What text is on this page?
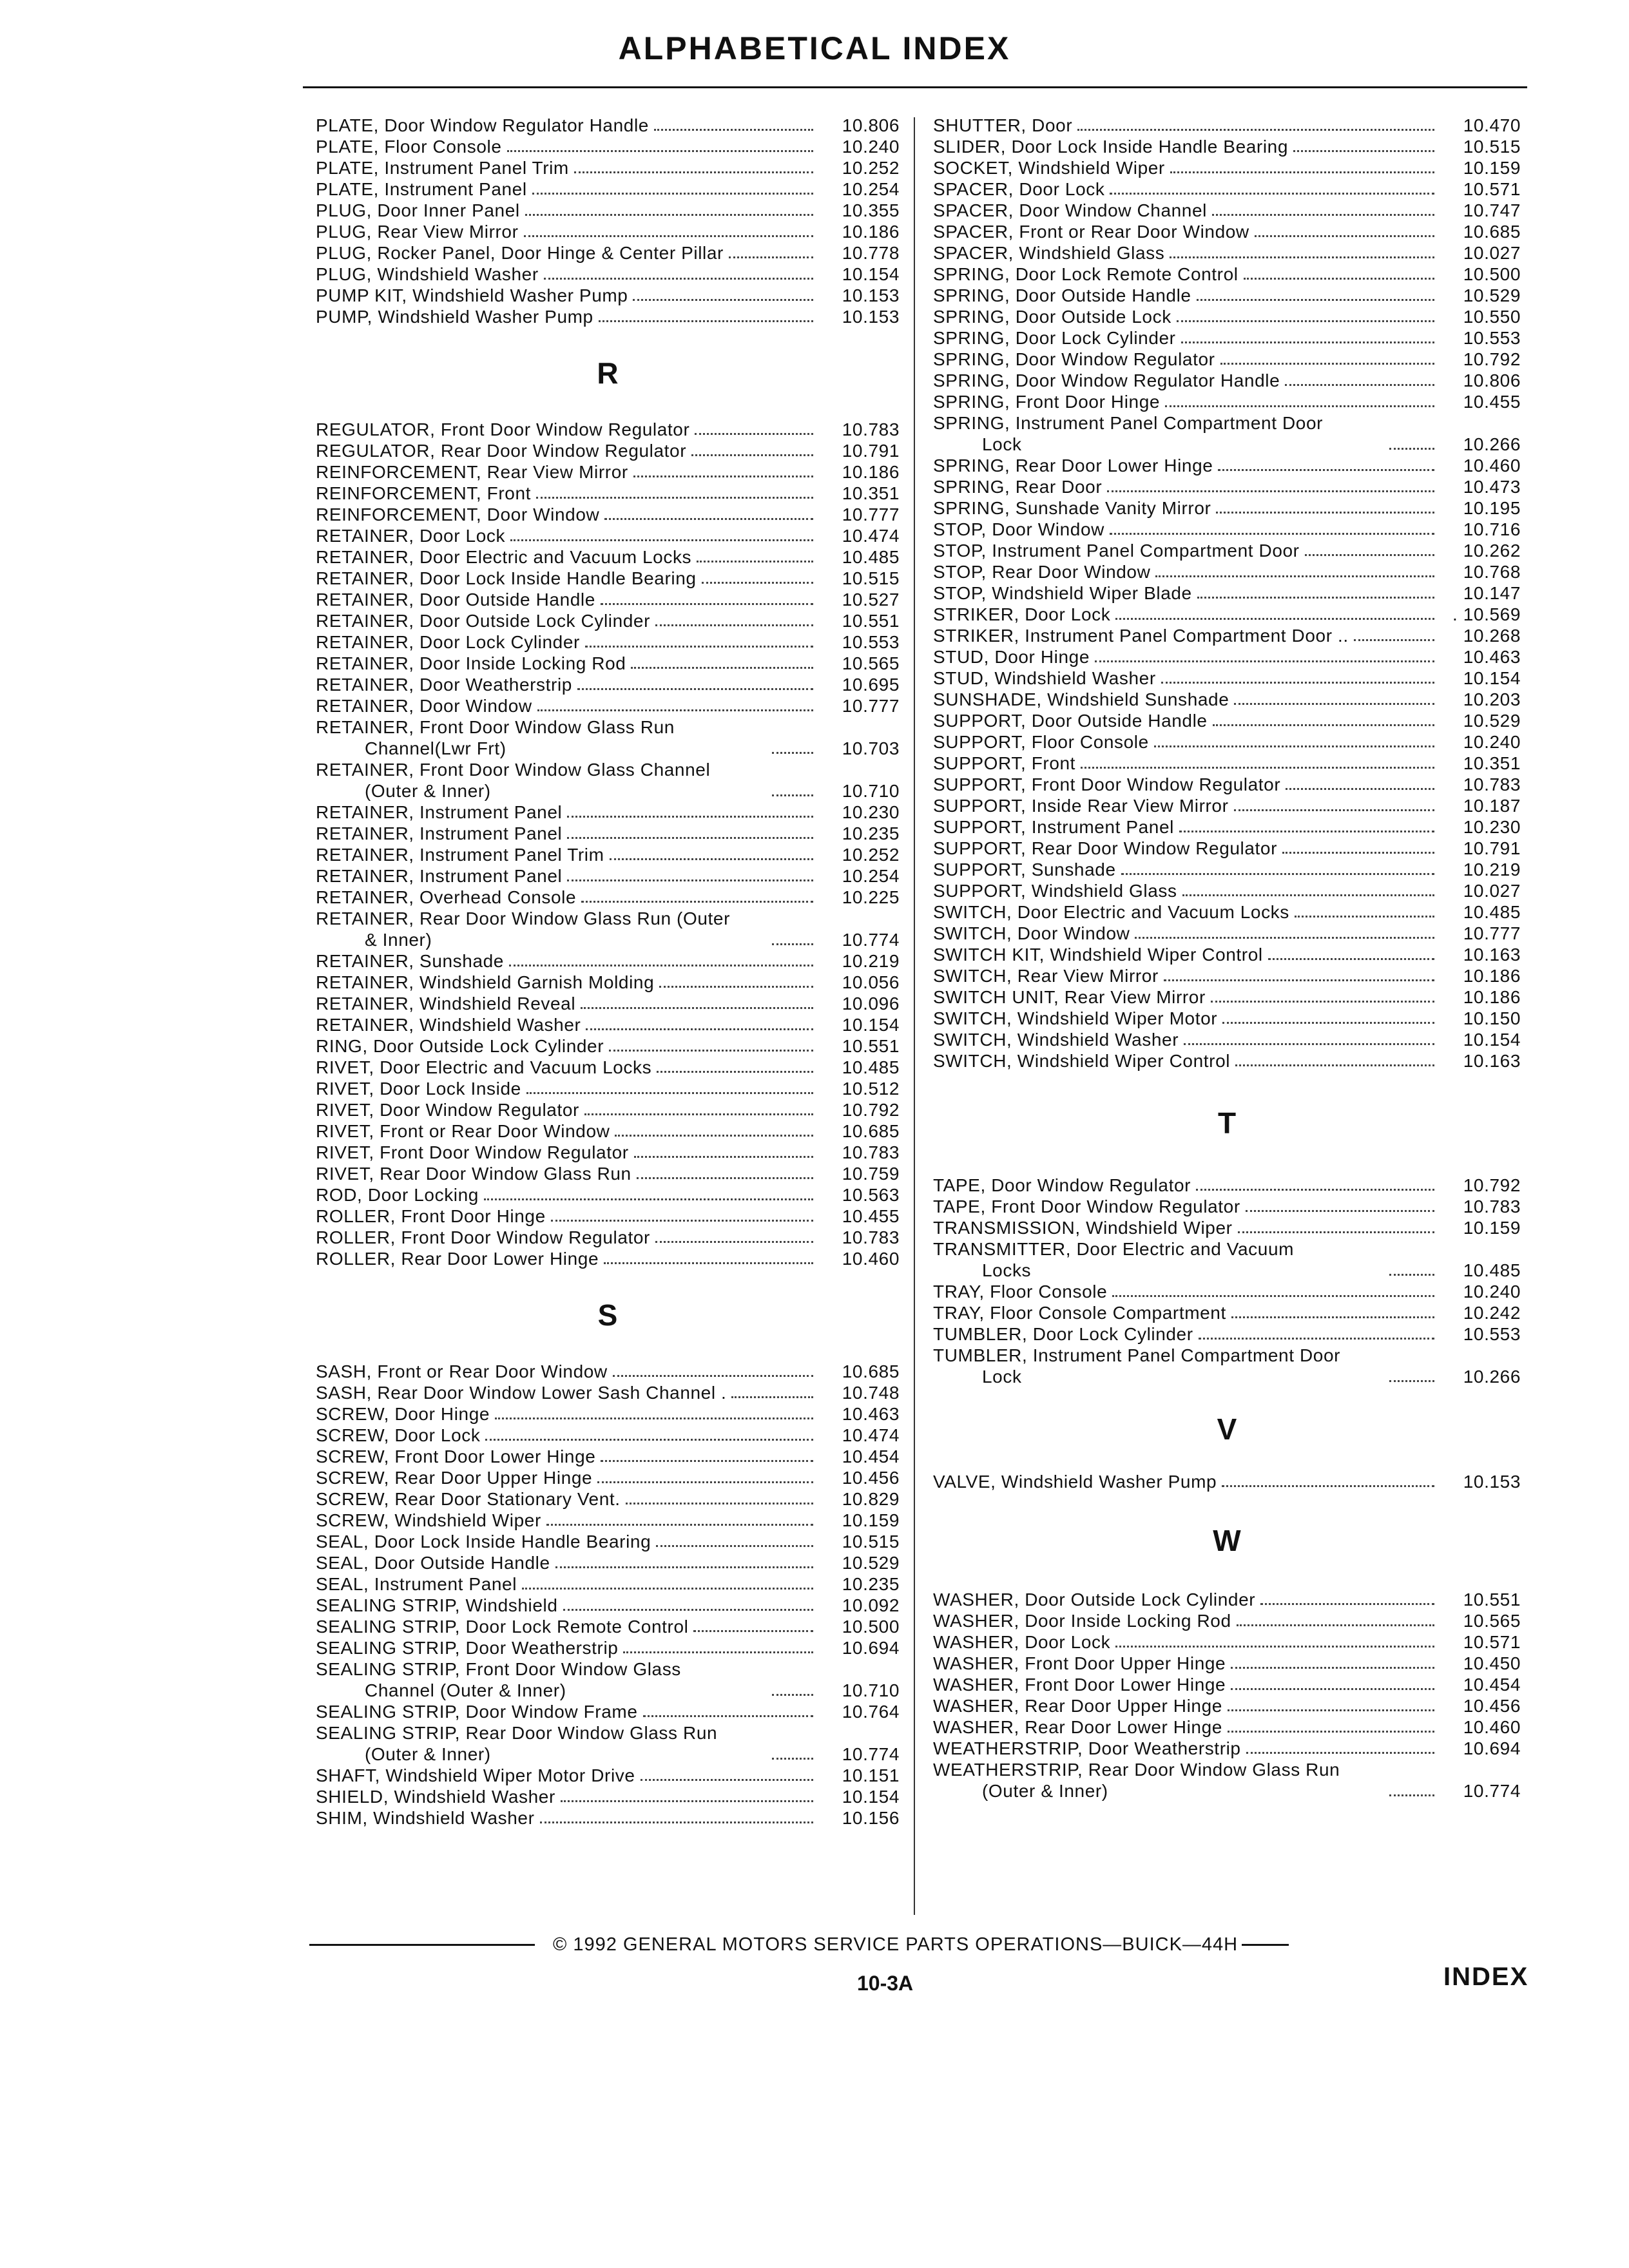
ALPHABETICAL INDEX
PLATE, Door Window Regulator Handle	10.806
PLATE, Floor Console	10.240
PLATE, Instrument Panel Trim	10.252
PLATE, Instrument Panel	10.254
PLUG, Door Inner Panel	10.355
PLUG, Rear View Mirror	10.186
PLUG, Rocker Panel, Door Hinge & Center Pillar	10.778
PLUG, Windshield Washer	10.154
PUMP KIT, Windshield Washer Pump	10.153
PUMP, Windshield Washer Pump	10.153
R
REGULATOR, Front Door Window Regulator	10.783
REGULATOR, Rear Door Window Regulator	10.791
REINFORCEMENT, Rear View Mirror	10.186
REINFORCEMENT, Front	10.351
REINFORCEMENT, Door Window	10.777
RETAINER, Door Lock	10.474
RETAINER, Door Electric and Vacuum Locks	10.485
RETAINER, Door Lock Inside Handle Bearing	10.515
RETAINER, Door Outside Handle	10.527
RETAINER, Door Outside Lock Cylinder	10.551
RETAINER, Door Lock Cylinder	10.553
RETAINER, Door Inside Locking Rod	10.565
RETAINER, Door Weatherstrip	10.695
RETAINER, Door Window	10.777
RETAINER, Front Door Window Glass Run
Channel(Lwr Frt)	10.703
RETAINER, Front Door Window Glass Channel
(Outer & Inner)	10.710
RETAINER, Instrument Panel	10.230
RETAINER, Instrument Panel	10.235
RETAINER, Instrument Panel Trim	10.252
RETAINER, Instrument Panel	10.254
RETAINER, Overhead Console	10.225
RETAINER, Rear Door Window Glass Run (Outer
& Inner)	10.774
RETAINER, Sunshade	10.219
RETAINER, Windshield Garnish Molding	10.056
RETAINER, Windshield Reveal	10.096
RETAINER, Windshield Washer	10.154
RING, Door Outside Lock Cylinder	10.551
RIVET, Door Electric and Vacuum Locks	10.485
RIVET, Door Lock Inside	10.512
RIVET, Door Window Regulator	10.792
RIVET, Front or Rear Door Window	10.685
RIVET, Front Door Window Regulator	10.783
RIVET, Rear Door Window Glass Run	10.759
ROD, Door Locking	10.563
ROLLER, Front Door Hinge	10.455
ROLLER, Front Door Window Regulator	10.783
ROLLER, Rear Door Lower Hinge	10.460
S
SASH, Front or Rear Door Window	10.685
SASH, Rear Door Window Lower Sash Channel .	10.748
SCREW, Door Hinge	10.463
SCREW, Door Lock	10.474
SCREW, Front Door Lower Hinge	10.454
SCREW, Rear Door Upper Hinge	10.456
SCREW, Rear Door Stationary Vent.	10.829
SCREW, Windshield Wiper	10.159
SEAL, Door Lock Inside Handle Bearing	10.515
SEAL, Door Outside Handle	10.529
SEAL, Instrument Panel	10.235
SEALING STRIP, Windshield	10.092
SEALING STRIP, Door Lock Remote Control	10.500
SEALING STRIP, Door Weatherstrip	10.694
SEALING STRIP, Front Door Window Glass
Channel (Outer & Inner)	10.710
SEALING STRIP, Door Window Frame	10.764
SEALING STRIP, Rear Door Window Glass Run
(Outer & Inner)	10.774
SHAFT, Windshield Wiper Motor Drive	10.151
SHIELD, Windshield Washer	10.154
SHIM, Windshield Washer	10.156
SHUTTER, Door	10.470
SLIDER, Door Lock Inside Handle Bearing	10.515
SOCKET, Windshield Wiper	10.159
SPACER, Door Lock	10.571
SPACER, Door Window Channel	10.747
SPACER, Front or Rear Door Window	10.685
SPACER, Windshield Glass	10.027
SPRING, Door Lock Remote Control	10.500
SPRING, Door Outside Handle	10.529
SPRING, Door Outside Lock	10.550
SPRING, Door Lock Cylinder	10.553
SPRING, Door Window Regulator	10.792
SPRING, Door Window Regulator Handle	10.806
SPRING, Front Door Hinge	10.455
SPRING, Instrument Panel Compartment Door
Lock	10.266
SPRING, Rear Door Lower Hinge	10.460
SPRING, Rear Door	10.473
SPRING, Sunshade Vanity Mirror	10.195
STOP, Door Window	10.716
STOP, Instrument Panel Compartment Door	10.262
STOP, Rear Door Window	10.768
STOP, Windshield Wiper Blade	10.147
STRIKER, Door Lock	. 10.569
STRIKER, Instrument Panel Compartment Door ..	10.268
STUD, Door Hinge	10.463
STUD, Windshield Washer	10.154
SUNSHADE, Windshield Sunshade	10.203
SUPPORT, Door Outside Handle	10.529
SUPPORT, Floor Console	10.240
SUPPORT, Front	10.351
SUPPORT, Front Door Window Regulator	10.783
SUPPORT, Inside Rear View Mirror	10.187
SUPPORT, Instrument Panel	10.230
SUPPORT, Rear Door Window Regulator	10.791
SUPPORT, Sunshade	10.219
SUPPORT, Windshield Glass	10.027
SWITCH, Door Electric and Vacuum Locks	10.485
SWITCH, Door Window	10.777
SWITCH KIT, Windshield Wiper Control	10.163
SWITCH, Rear View Mirror	10.186
SWITCH UNIT, Rear View Mirror	10.186
SWITCH, Windshield Wiper Motor	10.150
SWITCH, Windshield Washer	10.154
SWITCH, Windshield Wiper Control	10.163
T
TAPE, Door Window Regulator	10.792
TAPE, Front Door Window Regulator	10.783
TRANSMISSION, Windshield Wiper	10.159
TRANSMITTER, Door Electric and Vacuum
Locks	10.485
TRAY, Floor Console	10.240
TRAY, Floor Console Compartment	10.242
TUMBLER, Door Lock Cylinder	10.553
TUMBLER, Instrument Panel Compartment Door
Lock	10.266
V
VALVE, Windshield Washer Pump	10.153
W
WASHER, Door Outside Lock Cylinder	10.551
WASHER, Door Inside Locking Rod	10.565
WASHER, Door Lock	10.571
WASHER, Front Door Upper Hinge	10.450
WASHER, Front Door Lower Hinge	10.454
WASHER, Rear Door Upper Hinge	10.456
WASHER, Rear Door Lower Hinge	10.460
WEATHERSTRIP, Door Weatherstrip	10.694
WEATHERSTRIP, Rear Door Window Glass Run
(Outer & Inner)	10.774
© 1992 GENERAL MOTORS SERVICE PARTS OPERATIONS—BUICK—44H
10-3A	INDEX
